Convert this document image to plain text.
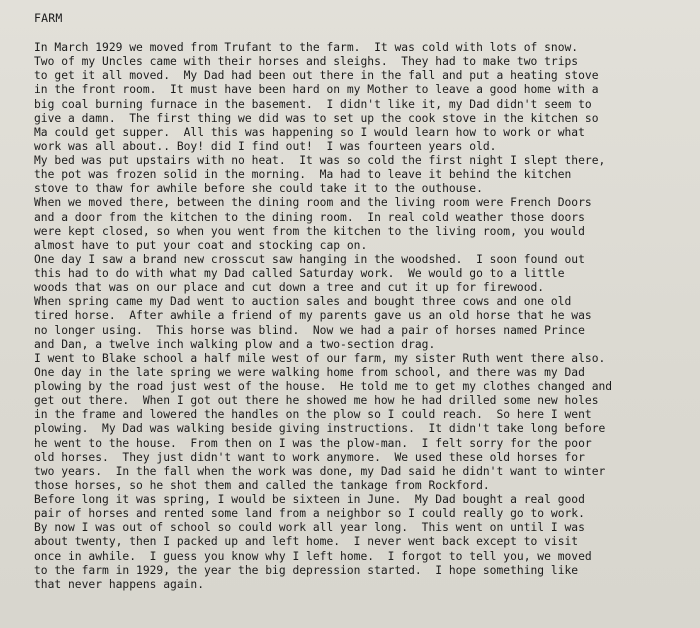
FARM
In March 1929 we moved from Trufant to the farm.  It was cold with lots of snow.
Two of my Uncles came with their horses and sleighs.  They had to make two trips
to get it all moved.  My Dad had been out there in the fall and put a heating stove
in the front room.  It must have been hard on my Mother to leave a good home with a
big coal burning furnace in the basement.  I didn't like it, my Dad didn't seem to
give a damn.  The first thing we did was to set up the cook stove in the kitchen so
Ma could get supper.  All this was happening so I would learn how to work or what
work was all about.. Boy! did I find out!  I was fourteen years old.
My bed was put upstairs with no heat.  It was so cold the first night I slept there,
the pot was frozen solid in the morning.  Ma had to leave it behind the kitchen
stove to thaw for awhile before she could take it to the outhouse.
When we moved there, between the dining room and the living room were French Doors
and a door from the kitchen to the dining room.  In real cold weather those doors
were kept closed, so when you went from the kitchen to the living room, you would
almost have to put your coat and stocking cap on.
One day I saw a brand new crosscut saw hanging in the woodshed.  I soon found out
this had to do with what my Dad called Saturday work.  We would go to a little
woods that was on our place and cut down a tree and cut it up for firewood.
When spring came my Dad went to auction sales and bought three cows and one old
tired horse.  After awhile a friend of my parents gave us an old horse that he was
no longer using.  This horse was blind.  Now we had a pair of horses named Prince
and Dan, a twelve inch walking plow and a two-section drag.
I went to Blake school a half mile west of our farm, my sister Ruth went there also.
One day in the late spring we were walking home from school, and there was my Dad
plowing by the road just west of the house.  He told me to get my clothes changed and
get out there.  When I got out there he showed me how he had drilled some new holes
in the frame and lowered the handles on the plow so I could reach.  So here I went
plowing.  My Dad was walking beside giving instructions.  It didn't take long before
he went to the house.  From then on I was the plow-man.  I felt sorry for the poor
old horses.  They just didn't want to work anymore.  We used these old horses for
two years.  In the fall when the work was done, my Dad said he didn't want to winter
those horses, so he shot them and called the tankage from Rockford.
Before long it was spring, I would be sixteen in June.  My Dad bought a real good
pair of horses and rented some land from a neighbor so I could really go to work.
By now I was out of school so could work all year long.  This went on until I was
about twenty, then I packed up and left home.  I never went back except to visit
once in awhile.  I guess you know why I left home.  I forgot to tell you, we moved
to the farm in 1929, the year the big depression started.  I hope something like
that never happens again.
